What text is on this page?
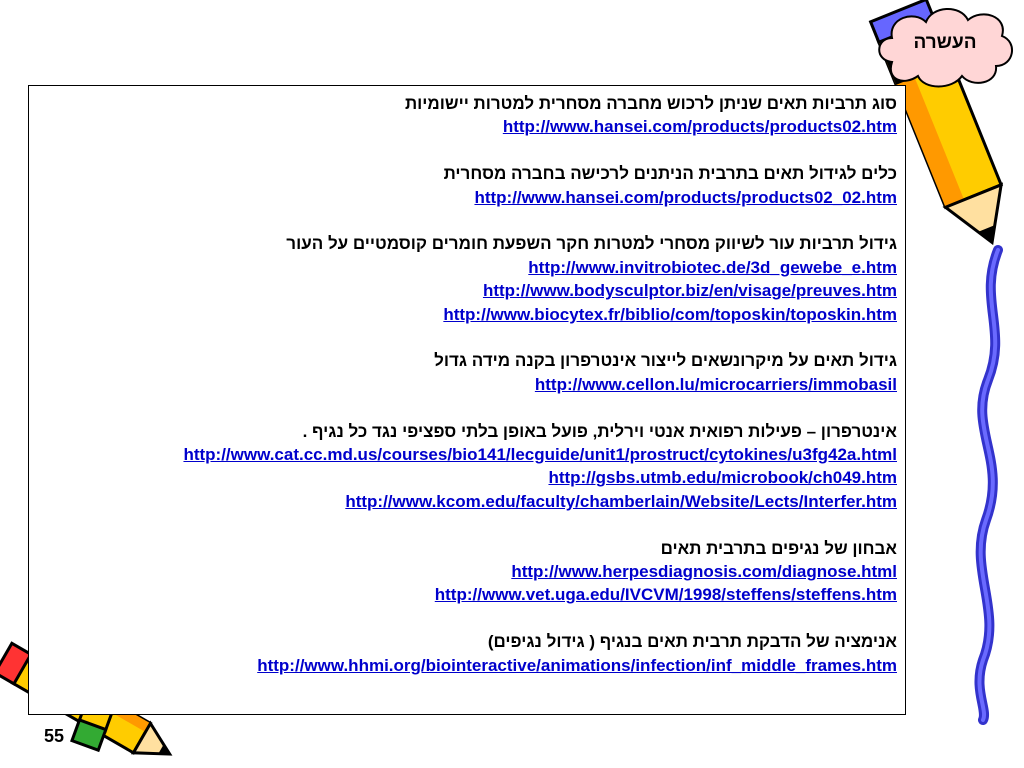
העשרה
סוג תרביות תאים שניתן לרכוש מחברה מסחרית למטרות יישומיות
http://www.hansei.com/products/products02.htm
כלים לגידול תאים בתרבית הניתנים לרכישה בחברה מסחרית
http://www.hansei.com/products/products02_02.htm
גידול תרביות עור לשיווק מסחרי למטרות חקר השפעת חומרים קוסמטיים על העור
http://www.invitrobiotec.de/3d_gewebe_e.htm
http://www.bodysculptor.biz/en/visage/preuves.htm
http://www.biocytex.fr/biblio/com/toposkin/toposkin.htm
גידול תאים על מיקרונשאים לייצור אינטרפרון בקנה מידה גדול
http://www.cellon.lu/microcarriers/immobasil
אינטרפרון – פעילות רפואית אנטי וירלית, פועל באופן בלתי ספציפי נגד כל נגיף .
http://www.cat.cc.md.us/courses/bio141/lecguide/unit1/prostruct/cytokines/u3fg42a.html
http://gsbs.utmb.edu/microbook/ch049.htm
http://www.kcom.edu/faculty/chamberlain/Website/Lects/Interfer.htm
אבחון של נגיפים בתרבית תאים
http://www.herpesdiagnosis.com/diagnose.html
http://www.vet.uga.edu/IVCVM/1998/steffens/steffens.htm
אנימציה של הדבקת תרבית תאים בנגיף ( גידול נגיפים)
http://www.hhmi.org/biointeractive/animations/infection/inf_middle_frames.htm
55
